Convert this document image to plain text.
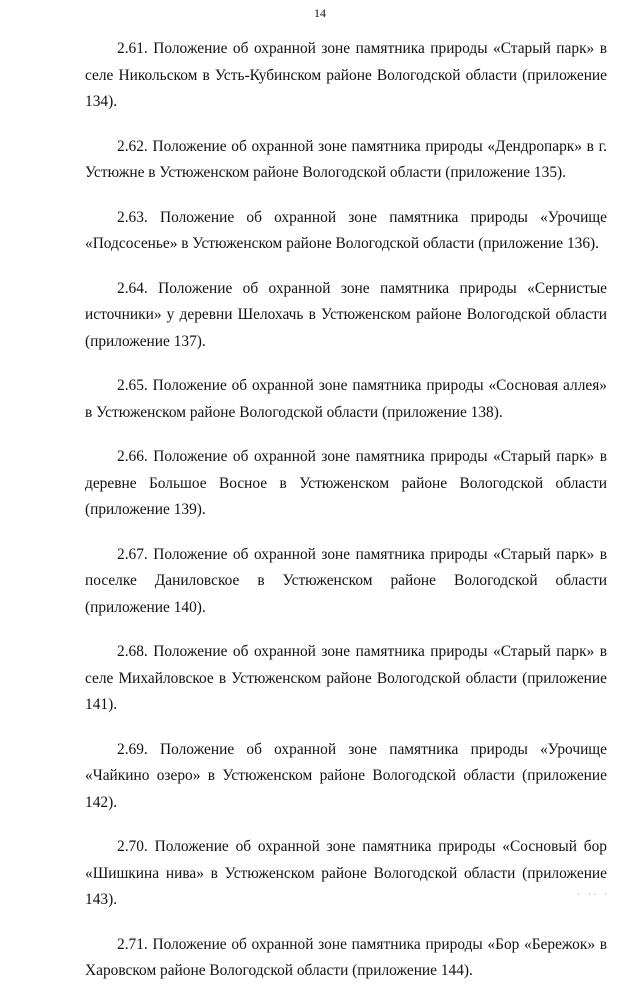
14

2.61. Положение об охранной зоне памятника природы «Старый парк» в селе Никольском в Усть-Кубинском районе Вологодской области (приложение 134).

2.62. Положение об охранной зоне памятника природы «Дендропарк» в г. Устюжне в Устюженском районе Вологодской области (приложение 135).

2.63. Положение об охранной зоне памятника природы «Урочище «Подсосенье» в Устюженском районе Вологодской области (приложение 136).

2.64. Положение об охранной зоне памятника природы «Сернистые источники» у деревни Шелохачь в Устюженском районе Вологодской области (приложение 137).

2.65. Положение об охранной зоне памятника природы «Сосновая аллея» в Устюженском районе Вологодской области (приложение 138).

2.66. Положение об охранной зоне памятника природы «Старый парк» в деревне Большое Восное в Устюженском районе Вологодской области (приложение 139).

2.67. Положение об охранной зоне памятника природы «Старый парк» в поселке Даниловское в Устюженском районе Вологодской области (приложение 140).

2.68. Положение об охранной зоне памятника природы «Старый парк» в селе Михайловское в Устюженском районе Вологодской области (приложение 141).

2.69. Положение об охранной зоне памятника природы «Урочище «Чайкино озеро» в Устюженском районе Вологодской области (приложение 142).

2.70. Положение об охранной зоне памятника природы «Сосновый бор «Шишкина нива» в Устюженском районе Вологодской области (приложение 143).

2.71. Положение об охранной зоне памятника природы «Бор «Бережок» в Харовском районе Вологодской области (приложение 144).

· ·· ·
